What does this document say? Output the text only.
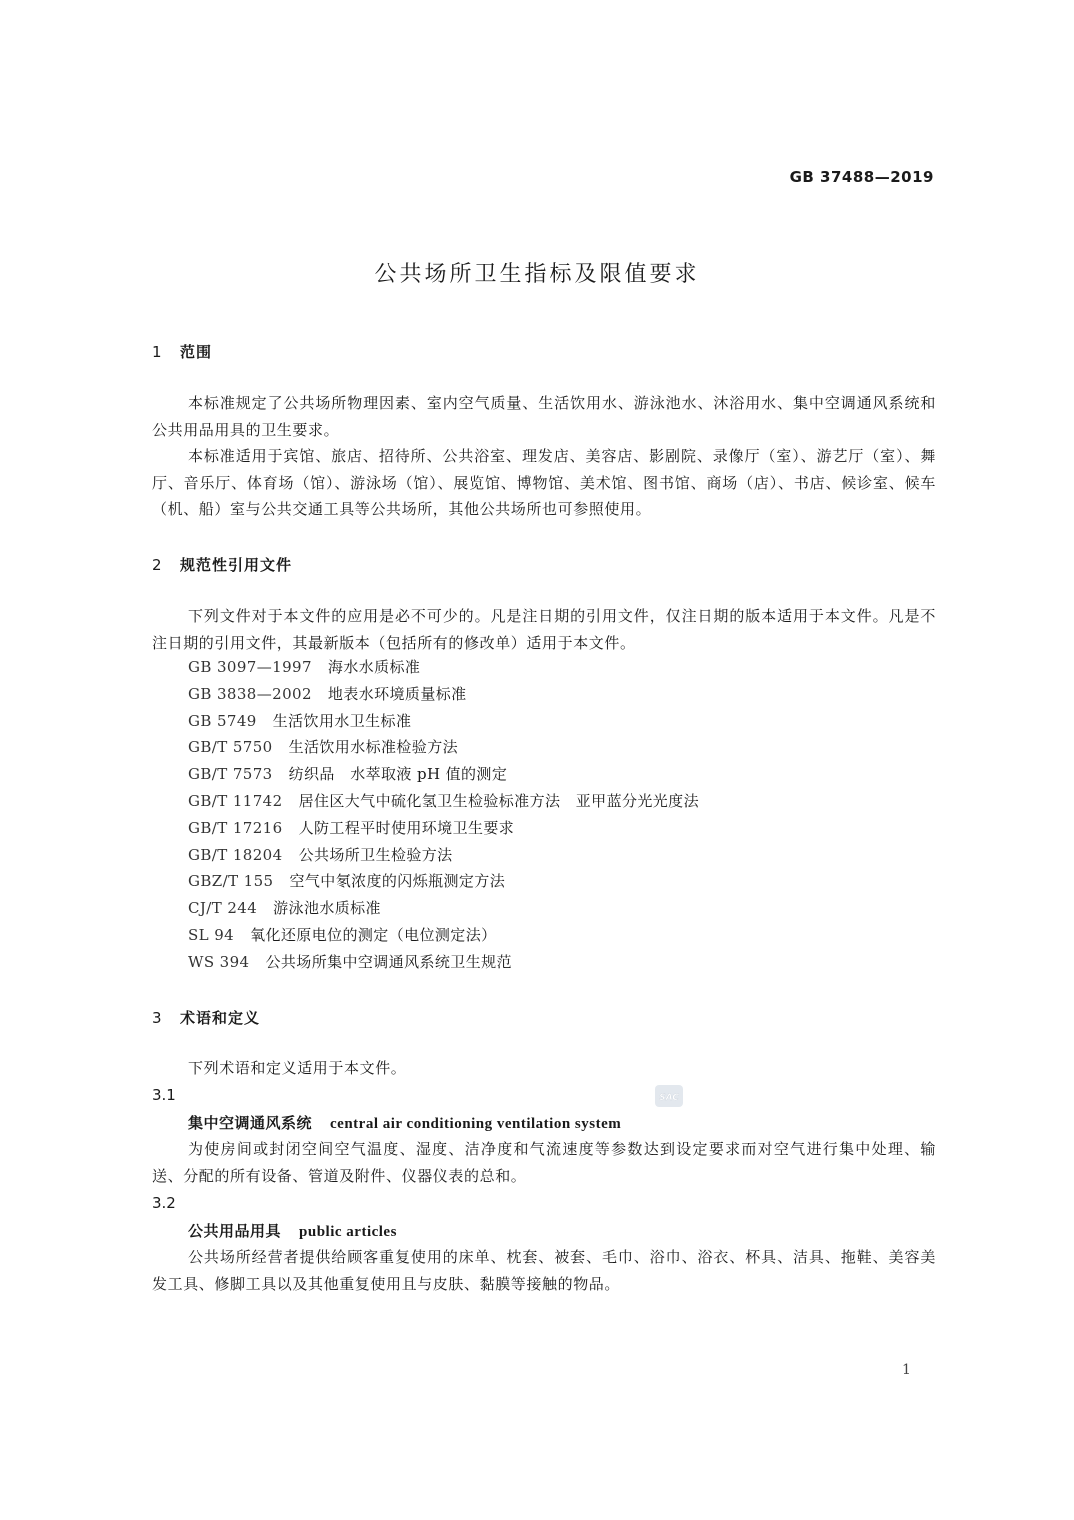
GB 37488—2019
公共场所卫生指标及限值要求
1 范围
本标准规定了公共场所物理因素、室内空气质量、生活饮用水、游泳池水、沐浴用水、集中空调通风系统和公共用品用具的卫生要求。
本标准适用于宾馆、旅店、招待所、公共浴室、理发店、美容店、影剧院、录像厅（室）、游艺厅（室）、舞厅、音乐厅、体育场（馆）、游泳场（馆）、展览馆、博物馆、美术馆、图书馆、商场（店）、书店、候诊室、候车（机、船）室与公共交通工具等公共场所，其他公共场所也可参照使用。
2 规范性引用文件
下列文件对于本文件的应用是必不可少的。凡是注日期的引用文件，仅注日期的版本适用于本文件。凡是不注日期的引用文件，其最新版本（包括所有的修改单）适用于本文件。
GB 3097—1997 海水水质标准
GB 3838—2002 地表水环境质量标准
GB 5749 生活饮用水卫生标准
GB/T 5750 生活饮用水标准检验方法
GB/T 7573 纺织品　水萃取液 pH 值的测定
GB/T 11742 居住区大气中硫化氢卫生检验标准方法　亚甲蓝分光光度法
GB/T 17216 人防工程平时使用环境卫生要求
GB/T 18204 公共场所卫生检验方法
GBZ/T 155 空气中氡浓度的闪烁瓶测定方法
CJ/T 244 游泳池水质标准
SL 94 氧化还原电位的测定（电位测定法）
WS 394 公共场所集中空调通风系统卫生规范
3 术语和定义
下列术语和定义适用于本文件。
3.1	SAC
集中空调通风系统 central air conditioning ventilation system
为使房间或封闭空间空气温度、湿度、洁净度和气流速度等参数达到设定要求而对空气进行集中处理、输送、分配的所有设备、管道及附件、仪器仪表的总和。
3.2
公共用品用具 public articles
公共场所经营者提供给顾客重复使用的床单、枕套、被套、毛巾、浴巾、浴衣、杯具、洁具、拖鞋、美容美发工具、修脚工具以及其他重复使用且与皮肤、黏膜等接触的物品。
1
